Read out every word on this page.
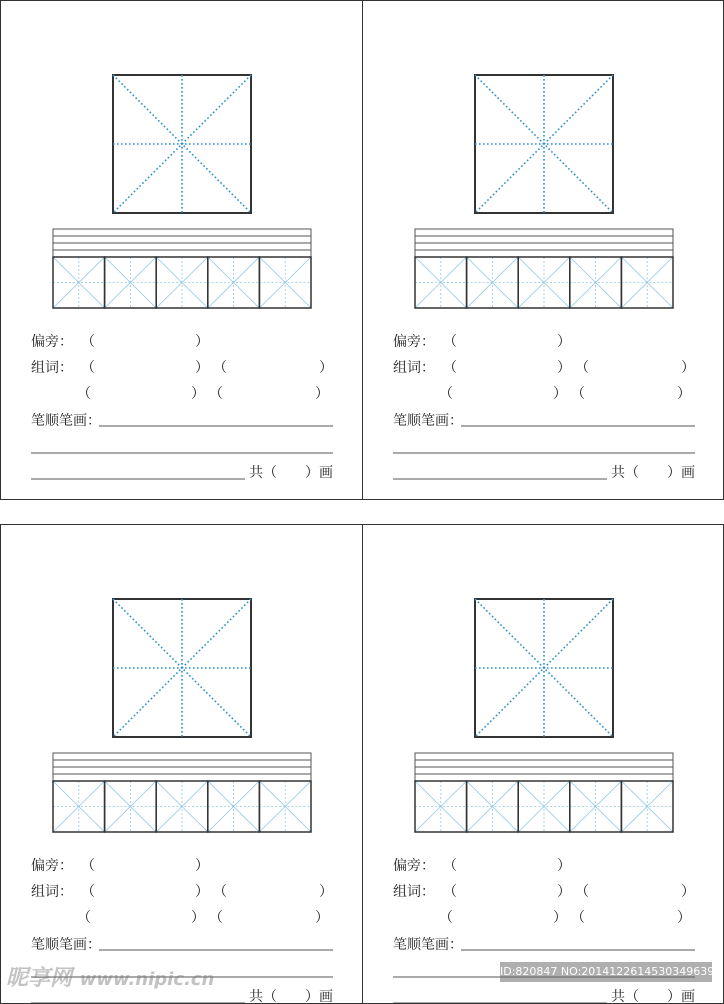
偏旁： （	）
组词： （	） （	）
（	） （	）
笔顺笔画：
共（　　）画
偏旁： （	）
组词： （	） （	）
（	） （	）
笔顺笔画：
共（　　）画
偏旁： （	）
组词： （	） （	）
（	） （	）
笔顺笔画：
共（　　）画
偏旁： （	）
组词： （	） （	）
（	） （	）
笔顺笔画：
共（　　）画
昵享网 www.nipic.cn	ID:820847 NO:20141226145303496397
